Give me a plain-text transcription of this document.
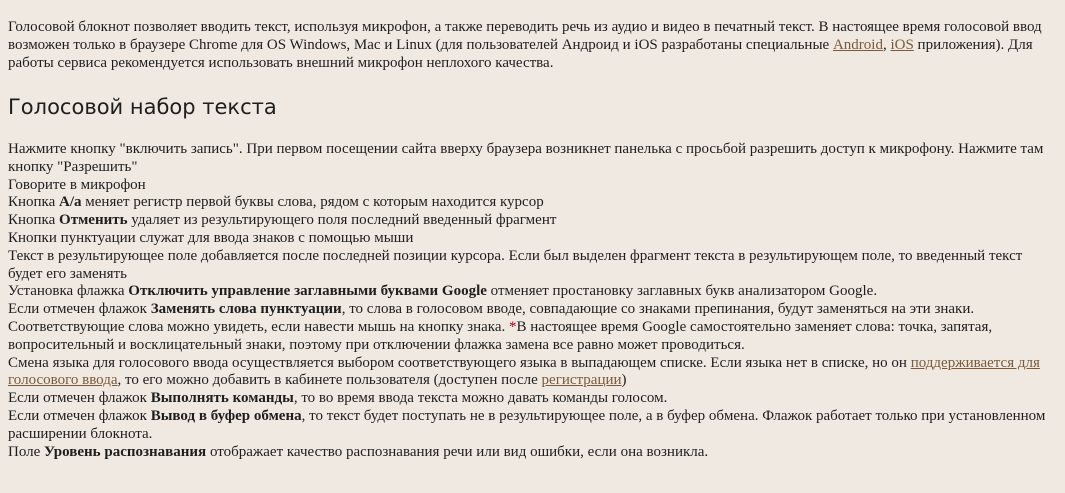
Голосовой блокнот позволяет вводить текст, используя микрофон, а также переводить речь из аудио и видео в печатный текст. В настоящее время голосовой ввод возможен только в браузере Chrome для OS Windows, Mac и Linux (для пользователей Андроид и iOS разработаны специальные Android, iOS приложения). Для работы сервиса рекомендуется использовать внешний микрофон неплохого качества.

Голосовой набор текста
Нажмите кнопку "включить запись". При первом посещении сайта вверху браузера возникнет панелька с просьбой разрешить доступ к микрофону. Нажмите там кнопку "Разрешить"
Говорите в микрофон
Кнопка A/a меняет регистр первой буквы слова, рядом с которым находится курсор
Кнопка Отменить удаляет из результирующего поля последний введенный фрагмент
Кнопки пунктуации служат для ввода знаков с помощью мыши
Текст в результирующее поле добавляется после последней позиции курсора. Если был выделен фрагмент текста в результирующем поле, то введенный текст будет его заменять
Установка флажка Отключить управление заглавными буквами Google отменяет простановку заглавных букв анализатором Google.
Если отмечен флажок Заменять слова пунктуации, то слова в голосовом вводе, совпадающие со знаками препинания, будут заменяться на эти знаки. Соответствующие слова можно увидеть, если навести мышь на кнопку знака. *В настоящее время Google самостоятельно заменяет слова: точка, запятая, вопросительный и восклицательный знаки, поэтому при отключении флажка замена все равно может проводиться.
Смена языка для голосового ввода осуществляется выбором соответствующего языка в выпадающем списке. Если языка нет в списке, но он поддерживается для голосового ввода, то его можно добавить в кабинете пользователя (доступен после регистрации)
Если отмечен флажок Выполнять команды, то во время ввода текста можно давать команды голосом.
Если отмечен флажок Вывод в буфер обмена, то текст будет поступать не в результирующее поле, а в буфер обмена. Флажок работает только при установленном расширении блокнота.
Поле Уровень распознавания отображает качество распознавания речи или вид ошибки, если она возникла.
